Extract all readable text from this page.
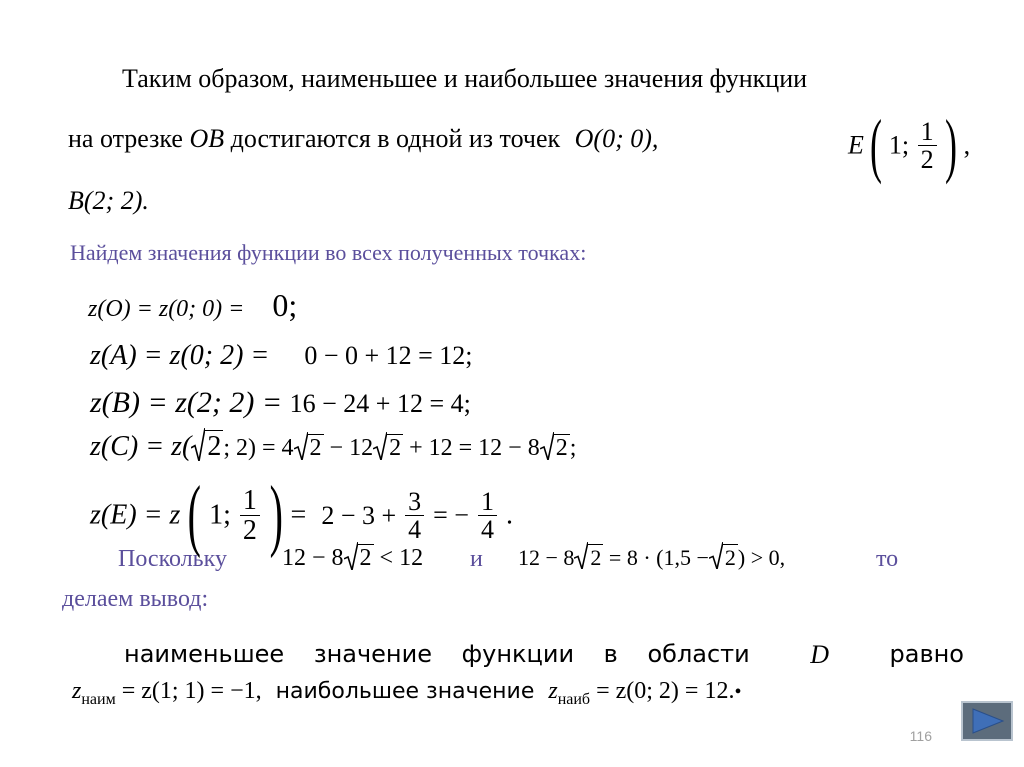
Таким образом, наименьшее и наибольшее значения функции
на отрезке OB достигаются в одной из точек O(0; 0),	E ( 1; $\frac{1}{2}$ ) ,
B(2; 2).
Найдем значения функции во всех полученных точках:
z(O) = z(0; 0) = 0;
z(A) = z(0; 2) = 0 − 0 + 12 = 12;
z(B) = z(2; 2) = 16 − 24 + 12 = 4;
z(C) = z( 2; 2) = 4 2 − 12 2 + 12 = 12 − 8 2;
z(E) = z ( 1; $\frac{1}{2}$ ) = $2 - 3 + \frac{3}{4}$ = − $\frac{1}{4}$ .
Поскольку 12 − 8 2 < 12 и 12 − 8 2 = 8 · (1,5 − 2) > 0,	то
делаем вывод:
наименьшее значение функции в области D	равно
$z_{наим} = z(1$; 1) = −1, наибольшее значение $z_{наиб} = z(0$; 2) = 12.•
116
